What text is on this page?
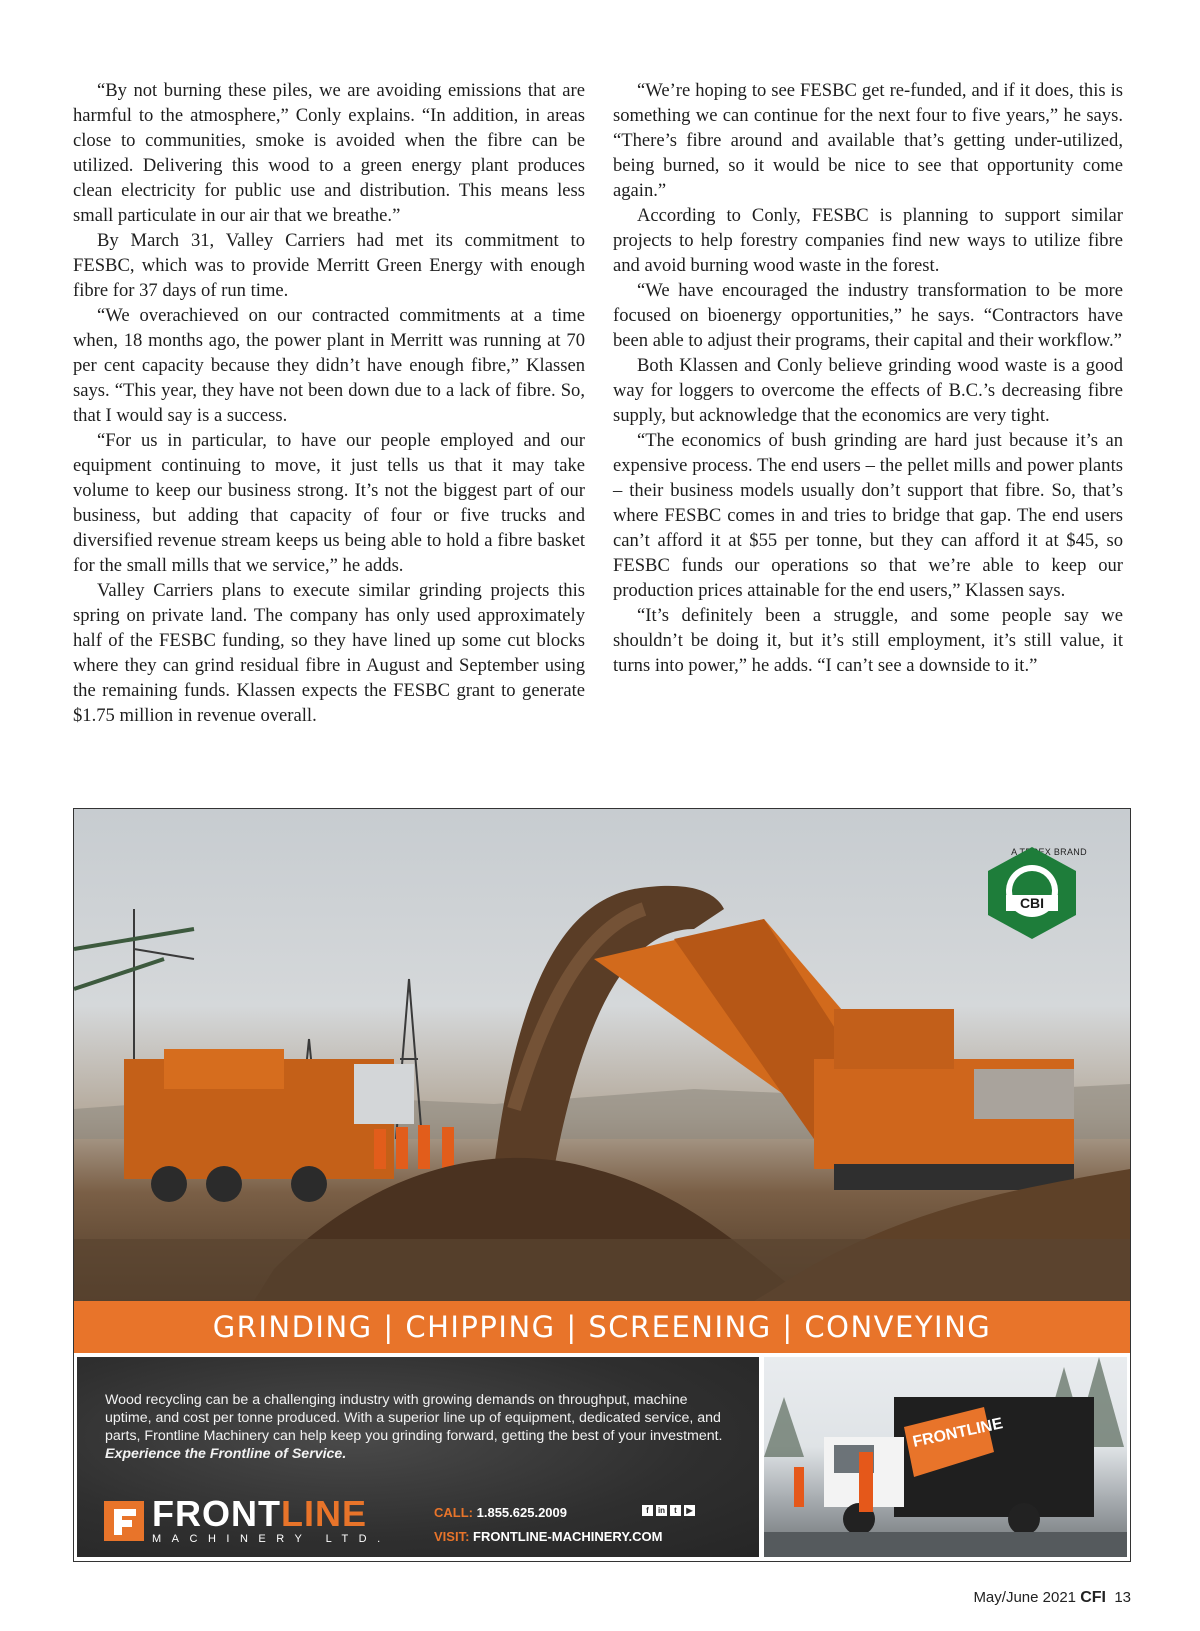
“By not burning these piles, we are avoiding emissions that are harmful to the atmosphere,” Conly explains. “In addition, in areas close to communities, smoke is avoided when the fibre can be utilized. Delivering this wood to a green energy plant produces clean electricity for public use and distribution. This means less small particulate in our air that we breathe.”

By March 31, Valley Carriers had met its commitment to FESBC, which was to provide Merritt Green Energy with enough fibre for 37 days of run time.

“We overachieved on our contracted commitments at a time when, 18 months ago, the power plant in Merritt was running at 70 per cent capacity because they didn’t have enough fibre,” Klassen says. “This year, they have not been down due to a lack of fibre. So, that I would say is a success.

“For us in particular, to have our people employed and our equipment continuing to move, it just tells us that it may take volume to keep our business strong. It’s not the biggest part of our business, but adding that capacity of four or five trucks and diversified revenue stream keeps us being able to hold a fibre basket for the small mills that we service,” he adds.

Valley Carriers plans to execute similar grinding projects this spring on private land. The company has only used approximately half of the FESBC funding, so they have lined up some cut blocks where they can grind residual fibre in August and September using the remaining funds. Klassen expects the FESBC grant to generate $1.75 million in revenue overall.

“We’re hoping to see FESBC get re-funded, and if it does, this is something we can continue for the next four to five years,” he says. “There’s fibre around and available that’s getting under-utilized, being burned, so it would be nice to see that opportunity come again.”

According to Conly, FESBC is planning to support similar projects to help forestry companies find new ways to utilize fibre and avoid burning wood waste in the forest.

“We have encouraged the industry transformation to be more focused on bioenergy opportunities,” he says. “Contractors have been able to adjust their programs, their capital and their workflow.”

Both Klassen and Conly believe grinding wood waste is a good way for loggers to overcome the effects of B.C.’s decreasing fibre supply, but acknowledge that the economics are very tight.

“The economics of bush grinding are hard just because it’s an expensive process. The end users – the pellet mills and power plants – their business models usually don’t support that fibre. So, that’s where FESBC comes in and tries to bridge that gap. The end users can’t afford it at $55 per tonne, but they can afford it at $45, so FESBC funds our operations so that we’re able to keep our production prices attainable for the end users,” Klassen says.

“It’s definitely been a struggle, and some people say we shouldn’t be doing it, but it’s still employment, it’s still value, it turns into power,” he adds. “I can’t see a downside to it.”

CBI
A TEREX BRAND
GRINDING | CHIPPING | SCREENING | CONVEYING
Wood recycling can be a challenging industry with growing demands on throughput, machine uptime, and cost per tonne produced. With a superior line up of equipment, dedicated service, and parts, Frontline Machinery can help keep you grinding forward, getting the best of your investment. Experience the Frontline of Service.
FRONTLINE
MACHINERY LTD.
CALL: 1.855.625.2009
VISIT: FRONTLINE-MACHINERY.COM
f	in	t	▶
FRONTLINE
May/June 2021 CFI 13
